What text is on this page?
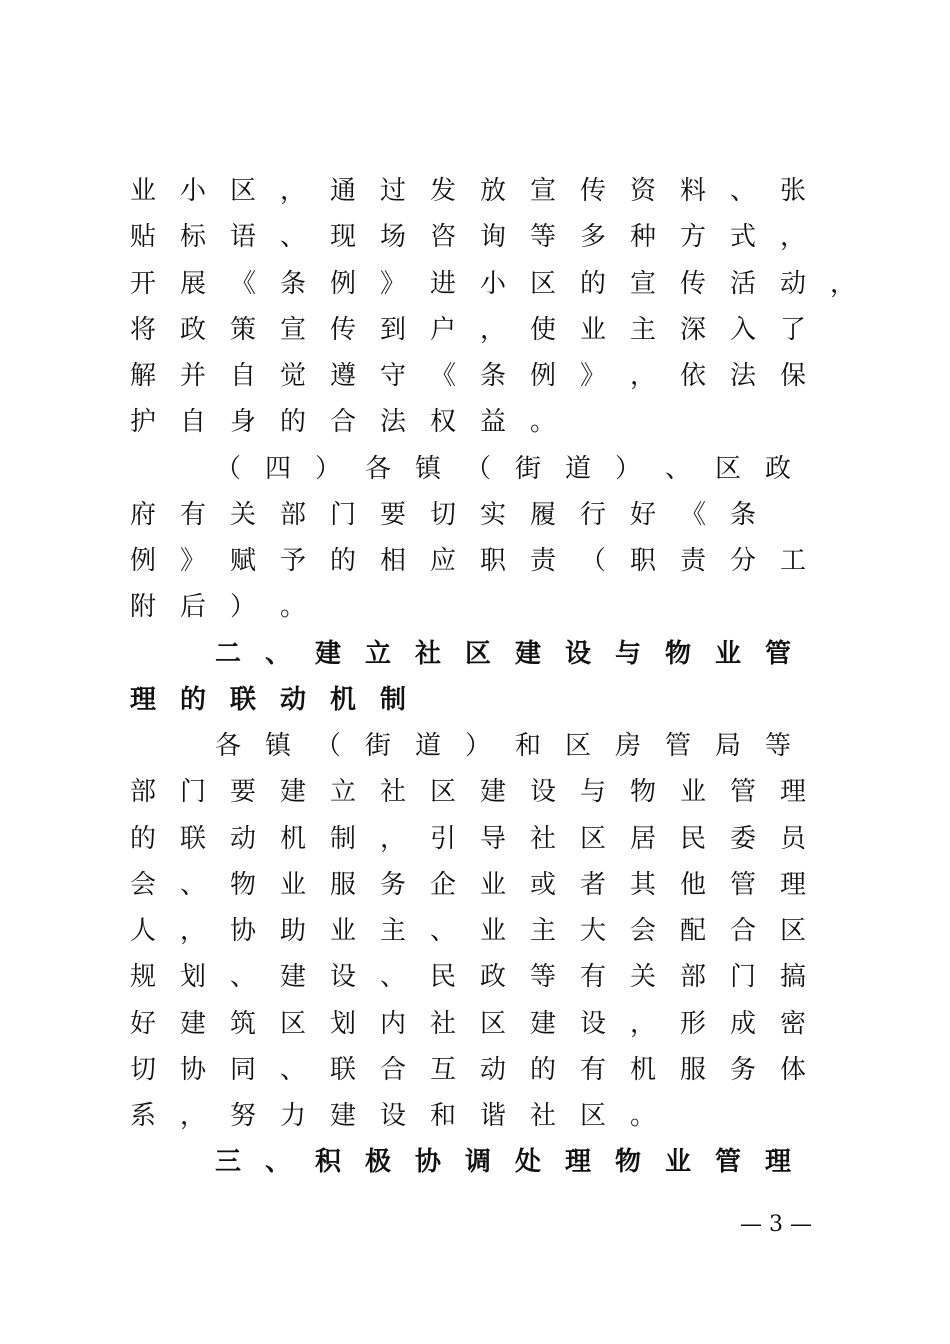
业 小 区 ， 通 过 发 放 宣 传 资 料 、 张
贴 标 语 、 现 场 咨 询 等 多 种 方 式 ，
开 展 《 条 例 》 进 小 区 的 宣 传 活 动 ，
将 政 策 宣 传 到 户 ， 使 业 主 深 入 了
解 并 自 觉 遵 守 《 条 例 》 ， 依 法 保
护 自 身 的 合 法 权 益 。
（ 四 ） 各 镇 （ 街 道 ） 、 区 政
府 有 关 部 门 要 切 实 履 行 好 《 条
例 》 赋 予 的 相 应 职 责 （ 职 责 分 工
附 后 ） 。
二 、 建 立 社 区 建 设 与 物 业 管
理 的 联 动 机 制
各 镇 （ 街 道 ） 和 区 房 管 局 等
部 门 要 建 立 社 区 建 设 与 物 业 管 理
的 联 动 机 制 ， 引 导 社 区 居 民 委 员
会 、 物 业 服 务 企 业 或 者 其 他 管 理
人 ， 协 助 业 主 、 业 主 大 会 配 合 区
规 划 、 建 设 、 民 政 等 有 关 部 门 搞
好 建 筑 区 划 内 社 区 建 设 ， 形 成 密
切 协 同 、 联 合 互 动 的 有 机 服 务 体
系 ， 努 力 建 设 和 谐 社 区 。
三 、 积 极 协 调 处 理 物 业 管 理
— 3 —
